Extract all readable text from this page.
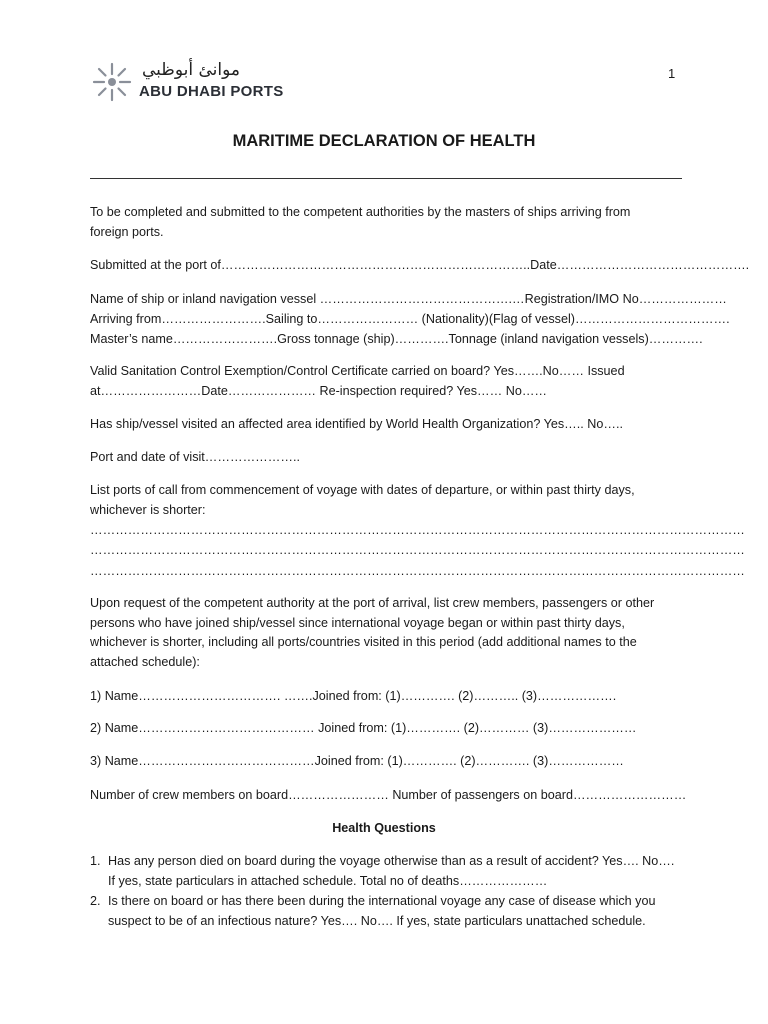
موانئ أبوظبي
ABU DHABI PORTS
1
MARITIME DECLARATION OF HEALTH
To be completed and submitted to the competent authorities by the masters of ships arriving from
foreign ports.
Submitted at the port of………………………………………………………………..Date……………………………………….
Name of ship or inland navigation vessel ……………………………………….…Registration/IMO No…………………
Arriving from…………………….Sailing to…………………… (Nationality)(Flag of vessel)……………………………….
Master’s name…………………….Gross tonnage (ship)………….Tonnage (inland navigation vessels)………….
Valid Sanitation Control Exemption/Control Certificate carried on board? Yes…….No…… Issued
at……………………Date………………… Re-inspection required? Yes…… No……
Has ship/vessel visited an affected area identified by World Health Organization? Yes….. No…..
Port and date of visit…………………..
List ports of call from commencement of voyage with dates of departure, or within past thirty days,
whichever is shorter:
…………………………………………………………………………………………………………………………………………
…………………………………………………………………………………………………………………………………………
…………………………………………………………………………………………………………………………………………
Upon request of the competent authority at the port of arrival, list crew members, passengers or other
persons who have joined ship/vessel since international voyage began or within past thirty days,
whichever is shorter, including all ports/countries visited in this period (add additional names to the
attached schedule):
1) Name……………………………. …….Joined from: (1)…………. (2)……….. (3)……………….
2) Name…………………………………… Joined from: (1)…………. (2)………… (3)…………………
3) Name……………………………………Joined from: (1)…………. (2)…………. (3)………………
Number of crew members on board…………………… Number of passengers on board………………………
Health Questions
1. Has any person died on board during the voyage otherwise than as a result of accident? Yes…. No….
If yes, state particulars in attached schedule. Total no of deaths…………………
2. Is there on board or has there been during the international voyage any case of disease which you
suspect to be of an infectious nature? Yes…. No…. If yes, state particulars unattached schedule.
